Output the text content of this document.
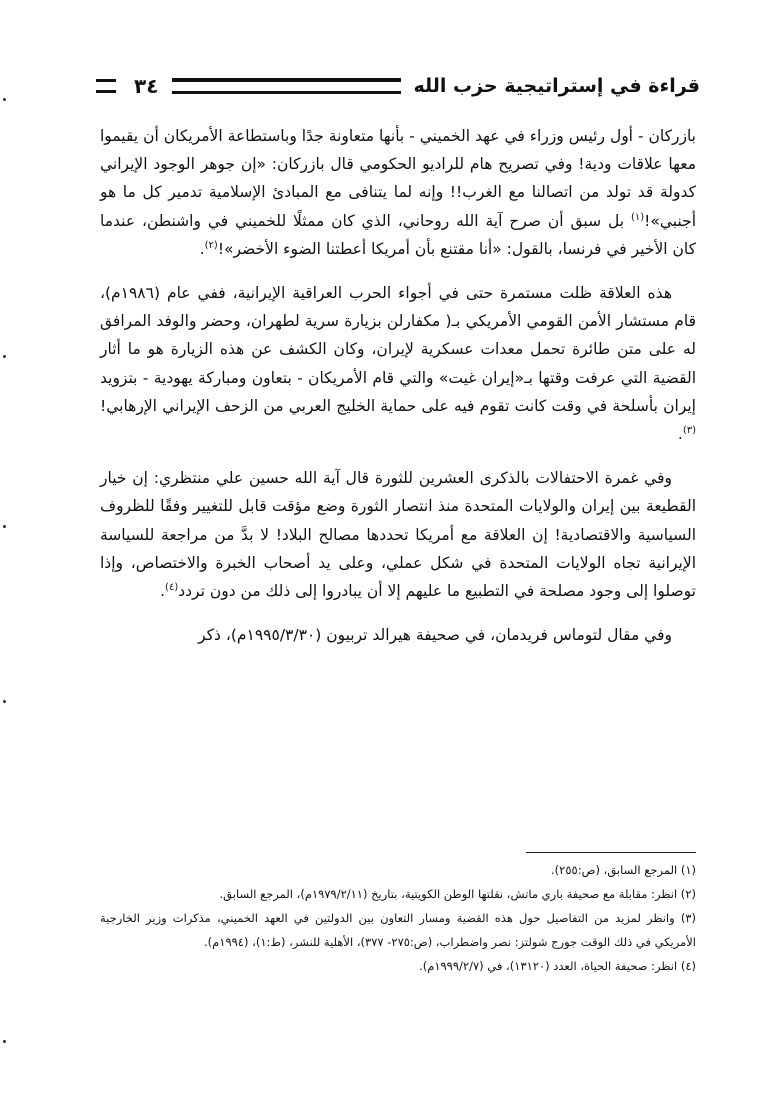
قراءة في إستراتيجية حزب الله
٣٤

بازركان - أول رئيس وزراء في عهد الخميني - بأنها متعاونة جدًا وباستطاعة الأمريكان أن يقيموا معها علاقات ودية! وفي تصريح هام للراديو الحكومي قال بازركان: «إن جوهر الوجود الإيراني كدولة قد تولد من اتصالنا مع الغرب!! وإنه لما يتنافى مع المبادئ الإسلامية تدمير كل ما هو أجنبي»!$^{(١)}$ بل سبق أن صرح آية الله روحاني، الذي كان ممثلًا للخميني في واشنطن، عندما كان الأخير في فرنسا، بالقول: «أنا مقتنع بأن أمريكا أعطتنا الضوء الأخضر»!$^{(٢)}$.

هذه العلاقة ظلت مستمرة حتى في أجواء الحرب العراقية الإيرانية، ففي عام (١٩٨٦م)، قام مستشار الأمن القومي الأمريكي بـ( مكفارلن بزيارة سرية لطهران، وحضر والوفد المرافق له على متن طائرة تحمل معدات عسكرية لإيران، وكان الكشف عن هذه الزيارة هو ما أثار القضية التي عرفت وقتها بـ«إيران غيت» والتي قام الأمريكان - بتعاون ومباركة يهودية - بتزويد إيران بأسلحة في وقت كانت تقوم فيه على حماية الخليج العربي من الزحف الإيراني الإرهابي!$^{(٣)}$.

وفي غمرة الاحتفالات بالذكرى العشرين للثورة قال آية الله حسين علي منتظري: إن خيار القطيعة بين إيران والولايات المتحدة منذ انتصار الثورة وضع مؤقت قابل للتغيير وفقًا للظروف السياسية والاقتصادية! إن العلاقة مع أمريكا تحددها مصالح البلاد! لا بدَّ من مراجعة للسياسة الإيرانية تجاه الولايات المتحدة في شكل عملي، وعلى يد أصحاب الخبرة والاختصاص، وإذا توصلوا إلى وجود مصلحة في التطبيع ما عليهم إلا أن يبادروا إلى ذلك من دون تردد$^{(٤)}$.

وفي مقال لتوماس فريدمان، في صحيفة هيرالد تربيون (١٩٩٥/٣/٣٠م)، ذكر

(١) المرجع السابق، (ص:٢٥٥).

(٢) انظر: مقابلة مع صحيفة باري ماتش، نقلتها الوطن الكويتية، بتاريخ (١٩٧٩/٢/١١م)، المرجع السابق.

(٣) وانظر لمزيد من التفاصيل حول هذه القضية ومسار التعاون بين الدولتين في العهد الخميني، مذكرات وزير الخارجية الأمريكي في ذلك الوقت جورج شولتز: نصر واضطراب، (ص:٢٧٥- ٣٧٧)، الأهلية للنشر، (ط:١)، (١٩٩٤م).

(٤) انظر: صحيفة الحياة، العدد (١٣١٢٠)، في (١٩٩٩/٢/٧م).
